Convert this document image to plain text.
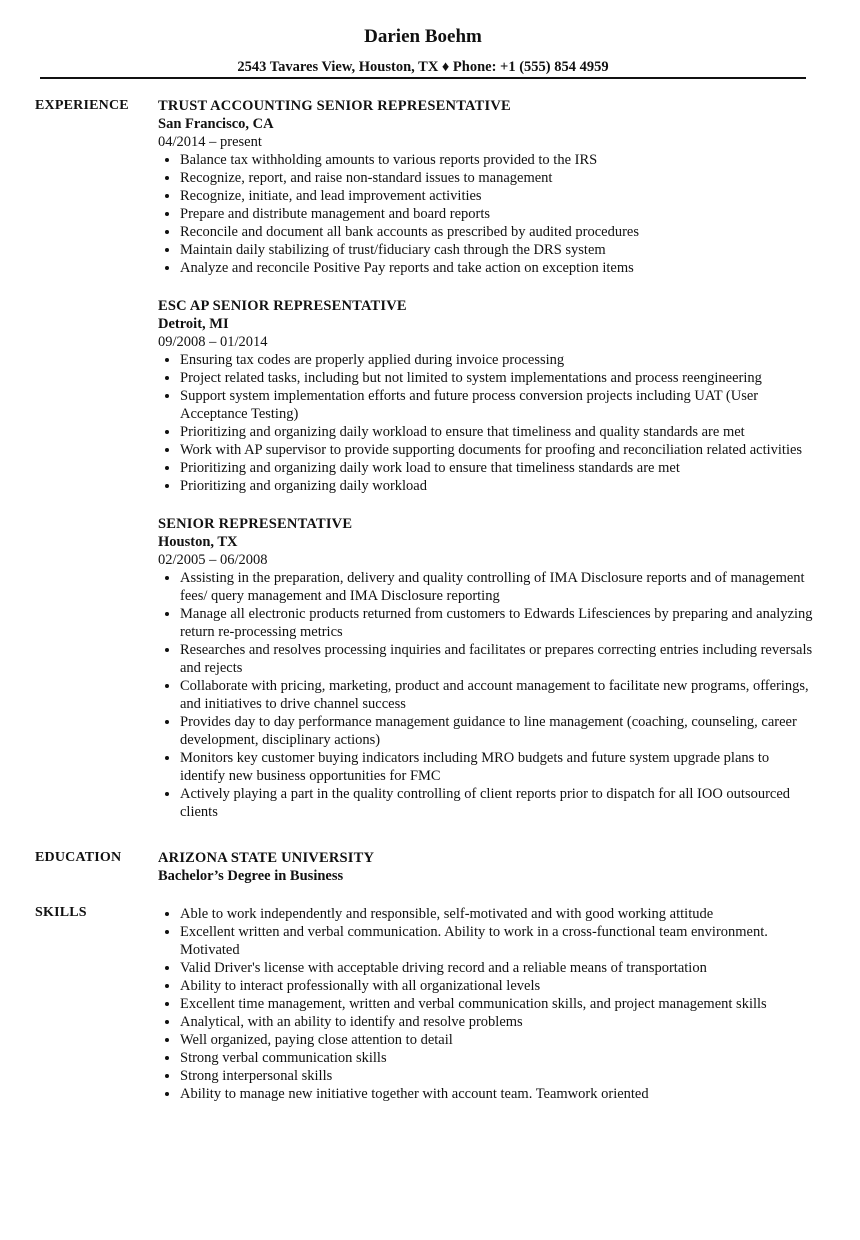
Darien Boehm
2543 Tavares View, Houston, TX ♦ Phone: +1 (555) 854 4959
EXPERIENCE	TRUST ACCOUNTING SENIOR REPRESENTATIVE
San Francisco, CA
04/2014 – present
• Balance tax withholding amounts to various reports provided to the IRS
• Recognize, report, and raise non-standard issues to management
• Recognize, initiate, and lead improvement activities
• Prepare and distribute management and board reports
• Reconcile and document all bank accounts as prescribed by audited procedures
• Maintain daily stabilizing of trust/fiduciary cash through the DRS system
• Analyze and reconcile Positive Pay reports and take action on exception items
ESC AP SENIOR REPRESENTATIVE
Detroit, MI
09/2008 – 01/2014
• Ensuring tax codes are properly applied during invoice processing
• Project related tasks, including but not limited to system implementations and process reengineering
• Support system implementation efforts and future process conversion projects including UAT (User Acceptance Testing)
• Prioritizing and organizing daily workload to ensure that timeliness and quality standards are met
• Work with AP supervisor to provide supporting documents for proofing and reconciliation related activities
• Prioritizing and organizing daily work load to ensure that timeliness standards are met
• Prioritizing and organizing daily workload
SENIOR REPRESENTATIVE
Houston, TX
02/2005 – 06/2008
• Assisting in the preparation, delivery and quality controlling of IMA Disclosure reports and of management fees/ query management and IMA Disclosure reporting
• Manage all electronic products returned from customers to Edwards Lifesciences by preparing and analyzing return re-processing metrics
• Researches and resolves processing inquiries and facilitates or prepares correcting entries including reversals and rejects
• Collaborate with pricing, marketing, product and account management to facilitate new programs, offerings, and initiatives to drive channel success
• Provides day to day performance management guidance to line management (coaching, counseling, career development, disciplinary actions)
• Monitors key customer buying indicators including MRO budgets and future system upgrade plans to identify new business opportunities for FMC
• Actively playing a part in the quality controlling of client reports prior to dispatch for all IOO outsourced clients
EDUCATION	ARIZONA STATE UNIVERSITY
Bachelor’s Degree in Business
SKILLS
•	Able to work independently and responsible, self-motivated and with good working attitude
• Excellent written and verbal communication. Ability to work in a cross-functional team environment. Motivated
• Valid Driver's license with acceptable driving record and a reliable means of transportation
• Ability to interact professionally with all organizational levels
• Excellent time management, written and verbal communication skills, and project management skills
• Analytical, with an ability to identify and resolve problems
• Well organized, paying close attention to detail
• Strong verbal communication skills
• Strong interpersonal skills
• Ability to manage new initiative together with account team. Teamwork oriented
